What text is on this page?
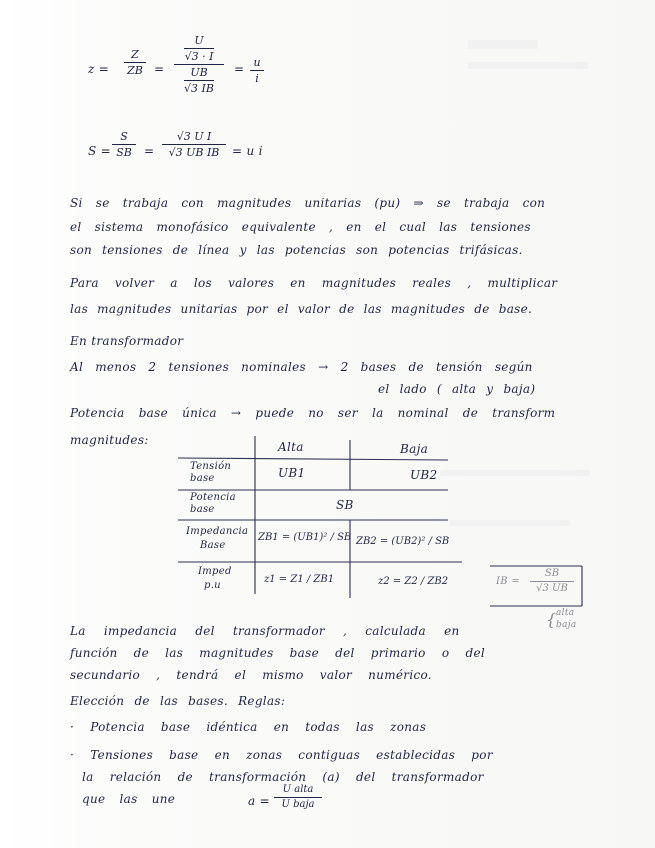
z =
Z
ZB =
U
√3 · I
UB
√3 IB
= u
i
S =
S
SB =
√3 U I
√3 UB IB = u i
Si se trabaja con magnitudes unitarias (pu) ⇒ se trabaja con
el sistema monofásico equivalente , en el cual las tensiones
son tensiones de línea y las potencias son potencias trifásicas.
Para volver a los valores en magnitudes reales , multiplicar
las magnitudes unitarias por el valor de las magnitudes de base.
En transformador
Al menos 2 tensiones nominales → 2 bases de tensión según
el lado ( alta y baja)
Potencia base única → puede no ser la nominal de transform
magnitudes:	Alta	Baja
Tensión
base	UB1	UB2
Potencia
base	SB
Impedancia
Base
ZB1 = (UB1)² / SB ZB2 = (UB2)² / SB
Imped
p.u
z1 = Z1 / ZB1	z2 = Z2 / ZB2	IB =
SB
√3 UB
alta
baja
{
La impedancia del transformador , calculada en
función de las magnitudes base del primario o del
secundario , tendrá el mismo valor numérico.
Elección de las bases. Reglas:
· Potencia base idéntica en todas las zonas
· Tensiones base en zonas contiguas establecidas por
la relación de transformación (a) del transformador
que las une	a =
U alta
U baja
